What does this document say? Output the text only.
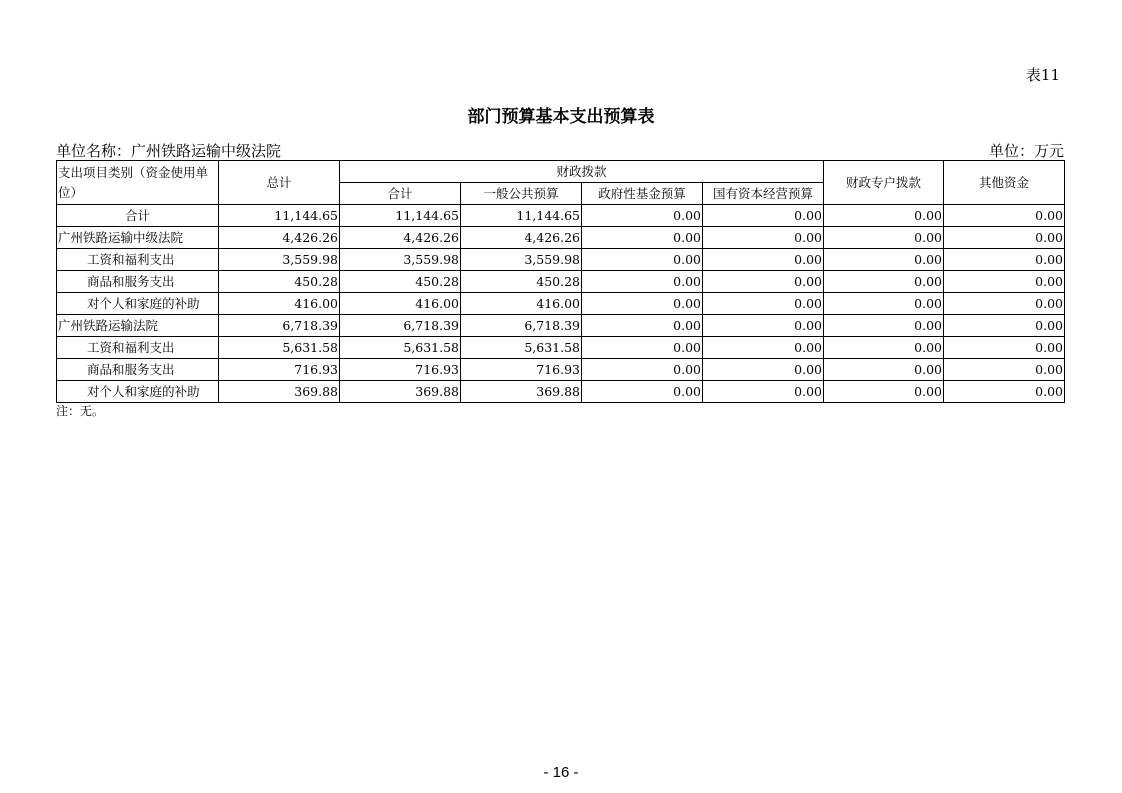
表11
部门预算基本支出预算表
单位名称：广州铁路运输中级法院	单位：万元
支出项目类别（资金使用单位）	总计	财政拨款				财政专户拨款	其他资金
		合计	一般公共预算	政府性基金预算	国有资本经营预算		
合计	11,144.65	11,144.65	11,144.65	0.00	0.00	0.00	0.00
广州铁路运输中级法院	4,426.26	4,426.26	4,426.26	0.00	0.00	0.00	0.00
工资和福利支出	3,559.98	3,559.98	3,559.98	0.00	0.00	0.00	0.00
商品和服务支出	450.28	450.28	450.28	0.00	0.00	0.00	0.00
对个人和家庭的补助	416.00	416.00	416.00	0.00	0.00	0.00	0.00
广州铁路运输法院	6,718.39	6,718.39	6,718.39	0.00	0.00	0.00	0.00
工资和福利支出	5,631.58	5,631.58	5,631.58	0.00	0.00	0.00	0.00
商品和服务支出	716.93	716.93	716.93	0.00	0.00	0.00	0.00
对个人和家庭的补助	369.88	369.88	369.88	0.00	0.00	0.00	0.00
注：无。
- 16 -
